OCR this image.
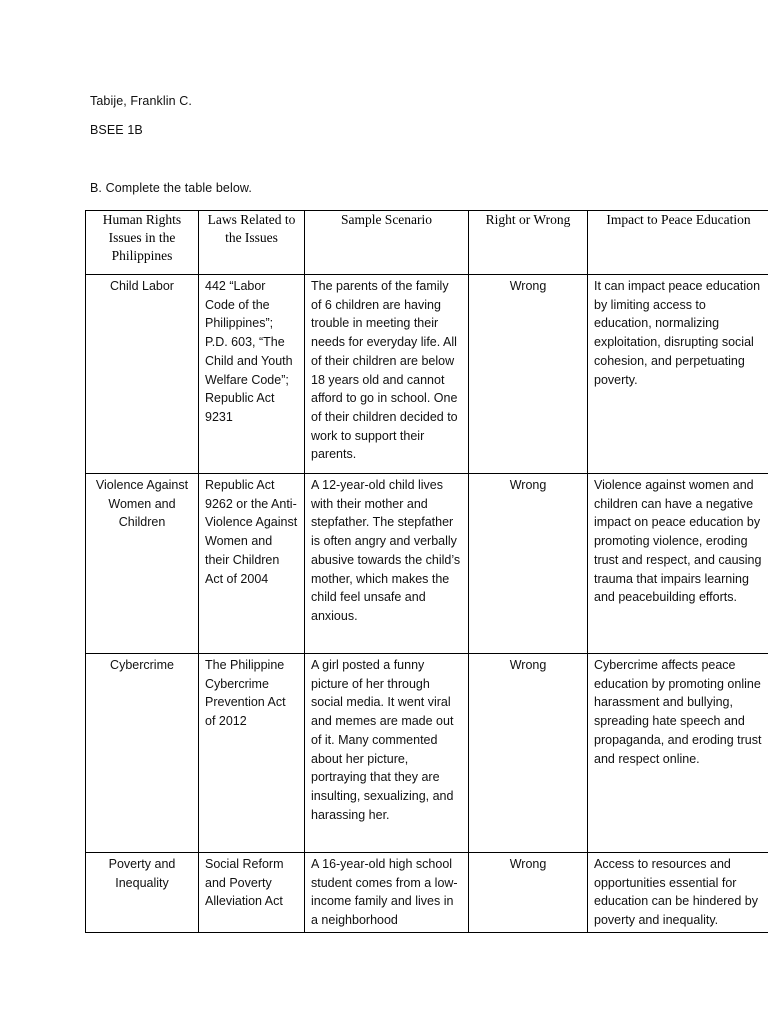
Tabije, Franklin C.
BSEE 1B
B. Complete the table below.
Human Rights Issues in the Philippines	Laws Related to the Issues	Sample Scenario	Right or Wrong	Impact to Peace Education
Child Labor	442 “Labor Code of the Philippines”; P.D. 603, “The Child and Youth Welfare Code”; Republic Act 9231	The parents of the family of 6 children are having trouble in meeting their needs for everyday life. All of their children are below 18 years old and cannot afford to go in school. One of their children decided to work to support their parents.	Wrong	It can impact peace education by limiting access to education, normalizing exploitation, disrupting social cohesion, and perpetuating poverty.
Violence Against Women and Children	Republic Act 9262 or the Anti-Violence Against Women and their Children Act of 2004	A 12-year-old child lives with their mother and stepfather. The stepfather is often angry and verbally abusive towards the child’s mother, which makes the child feel unsafe and anxious.	Wrong	Violence against women and children can have a negative impact on peace education by promoting violence, eroding trust and respect, and causing trauma that impairs learning and peacebuilding efforts.
Cybercrime	The Philippine Cybercrime Prevention Act of 2012	A girl posted a funny picture of her through social media. It went viral and memes are made out of it. Many commented about her picture, portraying that they are insulting, sexualizing, and harassing her.	Wrong	Cybercrime affects peace education by promoting online harassment and bullying, spreading hate speech and propaganda, and eroding trust and respect online.
Poverty and Inequality	Social Reform and Poverty Alleviation Act	A 16-year-old high school student comes from a low-income family and lives in a neighborhood	Wrong	Access to resources and opportunities essential for education can be hindered by poverty and inequality.
